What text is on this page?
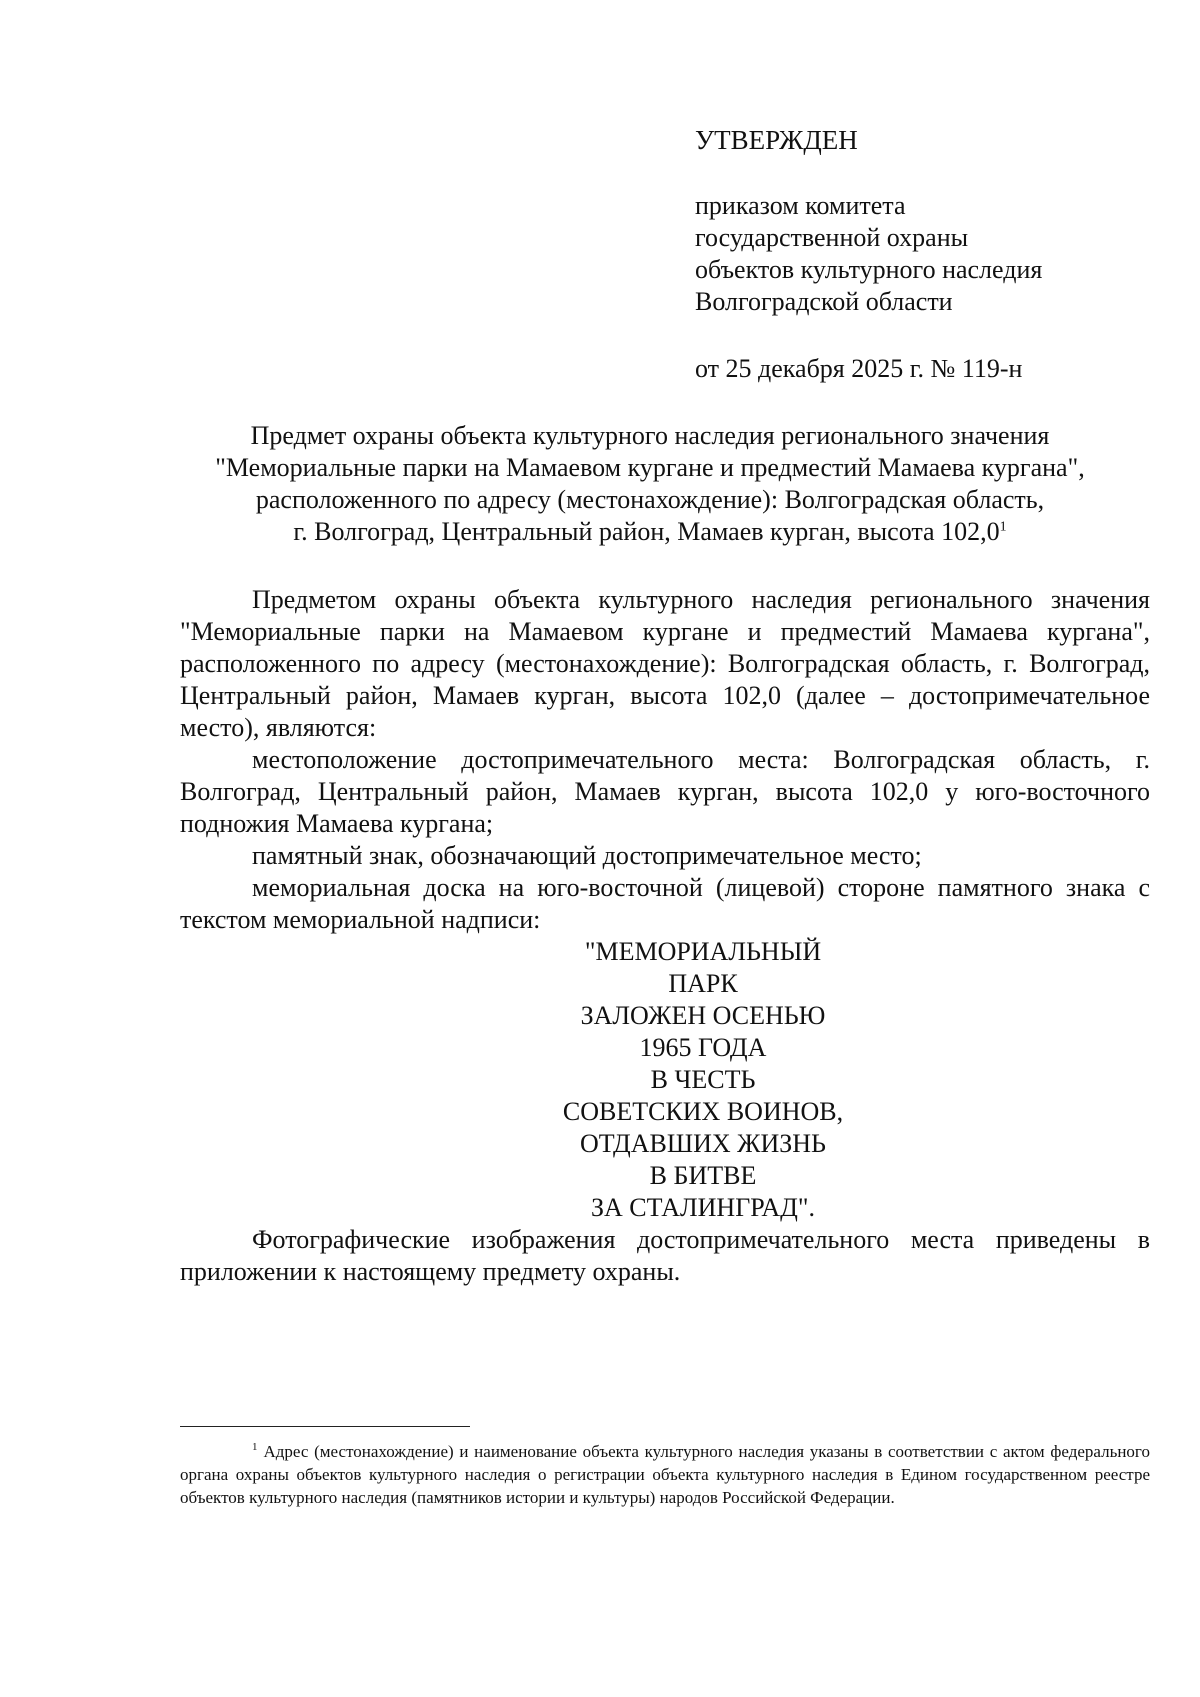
УТВЕРЖДЕН
приказом комитета
государственной охраны
объектов культурного наследия
Волгоградской области
от 25 декабря 2025 г. № 119-н
Предмет охраны объекта культурного наследия регионального значения
"Мемориальные парки на Мамаевом кургане и предместий Мамаева кургана",
расположенного по адресу (местонахождение): Волгоградская область,
г. Волгоград, Центральный район, Мамаев курган, высота 102,0$^1$

Предметом охраны объекта культурного наследия регионального значения "Мемориальные парки на Мамаевом кургане и предместий Мамаева кургана", расположенного по адресу (местонахождение): Волгоградская область, г. Волгоград, Центральный район, Мамаев курган, высота 102,0 (далее – достопримечательное место), являются:

местоположение достопримечательного места: Волгоградская область, г. Волгоград, Центральный район, Мамаев курган, высота 102,0 у юго-восточного подножия Мамаева кургана;

памятный знак, обозначающий достопримечательное место;

мемориальная доска на юго-восточной (лицевой) стороне памятного знака с текстом мемориальной надписи:

"МЕМОРИАЛЬНЫЙ
ПАРК
ЗАЛОЖЕН ОСЕНЬЮ
1965 ГОДА
В ЧЕСТЬ
СОВЕТСКИХ ВОИНОВ,
ОТДАВШИХ ЖИЗНЬ
В БИТВЕ
ЗА СТАЛИНГРАД".

Фотографические изображения достопримечательного места приведены в приложении к настоящему предмету охраны.

$^1$ Адрес (местонахождение) и наименование объекта культурного наследия указаны в соответствии с актом федерального органа охраны объектов культурного наследия о регистрации объекта культурного наследия в Едином государственном реестре объектов культурного наследия (памятников истории и культуры) народов Российской Федерации.
